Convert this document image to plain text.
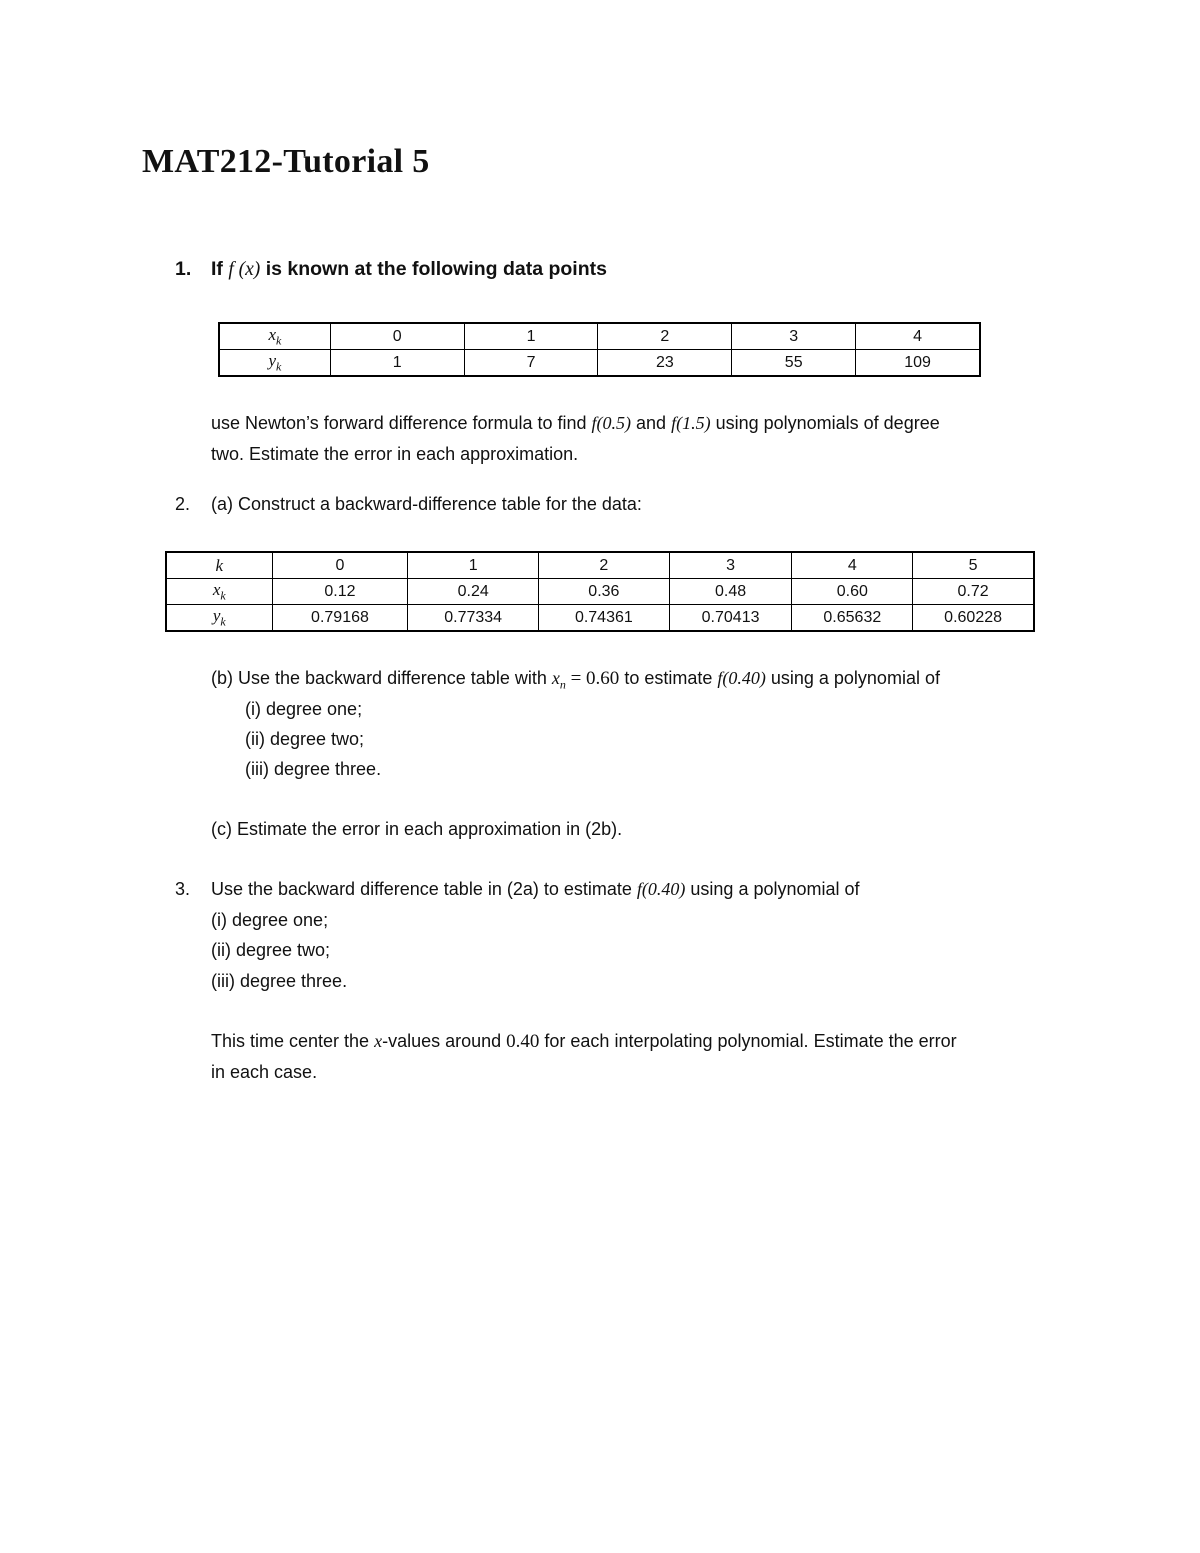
MAT212-Tutorial 5
1. If f (x) is known at the following data points
$x_k$	0	1	2	3	4
$y_k$	1	7	23	55	109
use Newton’s forward difference formula to find f(0.5) and f(1.5) using polynomials of degree
two. Estimate the error in each approximation.
2. (a) Construct a backward-difference table for the data:
k	0	1	2	3	4	5
$x_k$	0.12	0.24	0.36	0.48	0.60	0.72
$y_k$	0.79168	0.77334	0.74361	0.70413	0.65632	0.60228
(b) Use the backward difference table with $x_n = 0.60$ to estimate f(0.40) using a polynomial of
(i) degree one;
(ii) degree two;
(iii) degree three.
(c) Estimate the error in each approximation in (2b).
3. Use the backward difference table in (2a) to estimate f(0.40) using a polynomial of
(i) degree one;
(ii) degree two;
(iii) degree three.
This time center the x-values around 0.40 for each interpolating polynomial. Estimate the error
in each case.
